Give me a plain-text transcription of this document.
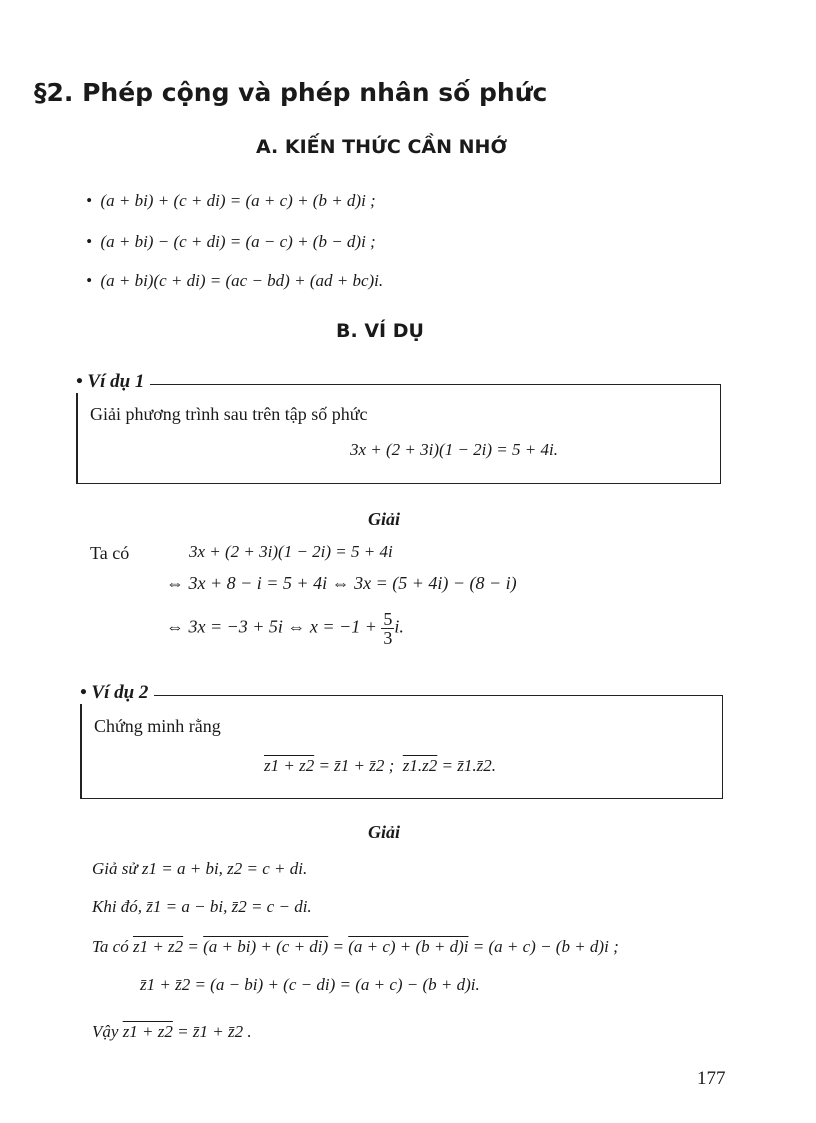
§2. Phép cộng và phép nhân số phức
A. KIẾN THỨC CẦN NHỚ
•  (a + bi) + (c + di) = (a + c) + (b + d)i ;
•  (a + bi) − (c + di) = (a − c) + (b − d)i ;
•  (a + bi)(c + di) = (ac − bd) + (ad + bc)i.
B. VÍ DỤ
• Ví dụ 1
Giải phương trình sau trên tập số phức
3x + (2 + 3i)(1 − 2i) = 5 + 4i.
Giải
Ta có	3x + (2 + 3i)(1 − 2i) = 5 + 4i
⇔ 3x + 8 − i = 5 + 4i ⇔ 3x = (5 + 4i) − (8 − i)
⇔ 3x = −3 + 5i ⇔ $x = -1 + \frac{5}{3} i$.
• Ví dụ 2
Chứng minh rằng
z1 + z2 = z̄1 + z̄2 ; z1.z2 = z̄1.z̄2.
Giải
Giả sử z1 = a + bi, z2 = c + di.
Khi đó, z̄1 = a − bi, z̄2 = c − di.
Ta có z1 + z2 = (a + bi) + (c + di) = (a + c) + (b + d)i = (a + c) − (b + d)i ;
z̄1 + z̄2 = (a − bi) + (c − di) = (a + c) − (b + d)i.
Vậy z1 + z2 = z̄1 + z̄2 .
177
